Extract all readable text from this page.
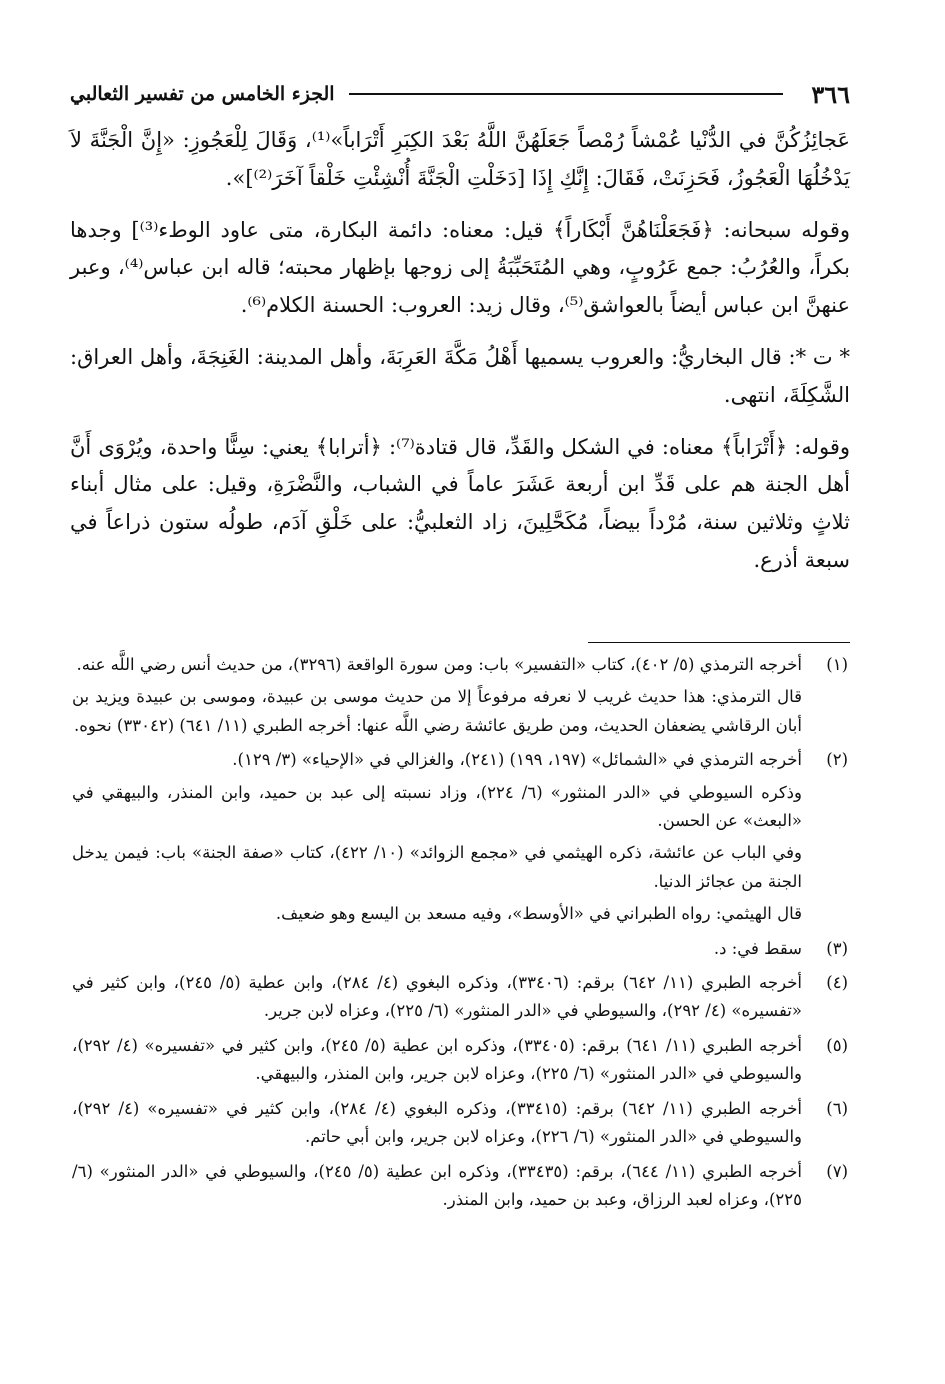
٣٦٦
الجزء الخامس من تفسير الثعالبي

عَجائِزُكُنَّ في الدُّنْيا عُمْشاً رُمْصاً جَعَلَهُنَّ اللَّهُ بَعْدَ الكِبَرِ أَتْرَاباً»⁽¹⁾، وَقَالَ لِلْعَجُوزِ: «إِنَّ الْجَنَّةَ لاَ يَدْخُلُهَا الْعَجُوزُ، فَحَزِنَتْ، فَقَالَ: إِنَّكِ إِذَا [دَخَلْتِ الْجَنَّةَ أُنْشِئْتِ خَلْقاً آخَرَ⁽²⁾]».

وقوله سبحانه: ﴿فَجَعَلْنَاهُنَّ أَبْكَاراً﴾ قيل: معناه: دائمة البكارة، متى عاود الوطء⁽³⁾] وجدها بكراً، والعُرُبُ: جمع عَرُوبٍ، وهي المُتَحَبِّبَةُ إلى زوجها بإظهار محبته؛ قاله ابن عباس⁽⁴⁾، وعبر عنهنَّ ابن عباس أيضاً بالعواشق⁽⁵⁾، وقال زيد: العروب: الحسنة الكلام⁽⁶⁾.

* ت *: قال البخاريُّ: والعروب يسميها أَهْلُ مَكَّةَ العَرِبَةَ، وأهل المدينة: الغَنِجَةَ، وأهل العراق: الشَّكِلَةَ، انتهى.

وقوله: ﴿أَتْرَاباً﴾ معناه: في الشكل والقَدِّ، قال قتادة⁽⁷⁾: ﴿أترابا﴾ يعني: سِنًّا واحدة، ويُرْوَى أَنَّ أهل الجنة هم على قَدِّ ابن أربعة عَشَرَ عاماً في الشباب، والنَّضْرَةِ، وقيل: على مثال أبناء ثلاثٍ وثلاثين سنة، مُرْداً بيضاً، مُكَحَّلِينَ، زاد الثعلبيُّ: على خَلْقِ آدَم، طولُه ستون ذراعاً في سبعة أذرع.

(١)

أخرجه الترمذي (٥/ ٤٠٢)، كتاب «التفسير» باب: ومن سورة الواقعة (٣٢٩٦)، من حديث أنس رضي اللَّه عنه.

قال الترمذي: هذا حديث غريب لا نعرفه مرفوعاً إلا من حديث موسى بن عبيدة، وموسى بن عبيدة ويزيد بن أبان الرقاشي يضعفان الحديث، ومن طريق عائشة رضي اللَّه عنها: أخرجه الطبري (١١/ ٦٤١) (٣٣٠٤٢) نحوه.

(٢)

أخرجه الترمذي في «الشمائل» (١٩٧، ١٩٩) (٢٤١)، والغزالي في «الإحياء» (٣/ ١٢٩).

وذكره السيوطي في «الدر المنثور» (٦/ ٢٢٤)، وزاد نسبته إلى عبد بن حميد، وابن المنذر، والبيهقي في «البعث» عن الحسن.

وفي الباب عن عائشة، ذكره الهيثمي في «مجمع الزوائد» (١٠/ ٤٢٢)، كتاب «صفة الجنة» باب: فيمن يدخل الجنة من عجائز الدنيا.

قال الهيثمي: رواه الطبراني في «الأوسط»، وفيه مسعد بن اليسع وهو ضعيف.

(٣)

سقط في: د.

(٤)

أخرجه الطبري (١١/ ٦٤٢) برقم: (٣٣٤٠٦)، وذكره البغوي (٤/ ٢٨٤)، وابن عطية (٥/ ٢٤٥)، وابن كثير في «تفسيره» (٤/ ٢٩٢)، والسيوطي في «الدر المنثور» (٦/ ٢٢٥)، وعزاه لابن جرير.

(٥)

أخرجه الطبري (١١/ ٦٤١) برقم: (٣٣٤٠٥)، وذكره ابن عطية (٥/ ٢٤٥)، وابن كثير في «تفسيره» (٤/ ٢٩٢)، والسيوطي في «الدر المنثور» (٦/ ٢٢٥)، وعزاه لابن جرير، وابن المنذر، والبيهقي.

(٦)

أخرجه الطبري (١١/ ٦٤٢) برقم: (٣٣٤١٥)، وذكره البغوي (٤/ ٢٨٤)، وابن كثير في «تفسيره» (٤/ ٢٩٢)، والسيوطي في «الدر المنثور» (٦/ ٢٢٦)، وعزاه لابن جرير، وابن أبي حاتم.

(٧)

أخرجه الطبري (١١/ ٦٤٤)، برقم: (٣٣٤٣٥)، وذكره ابن عطية (٥/ ٢٤٥)، والسيوطي في «الدر المنثور» (٦/ ٢٢٥)، وعزاه لعبد الرزاق، وعبد بن حميد، وابن المنذر.
